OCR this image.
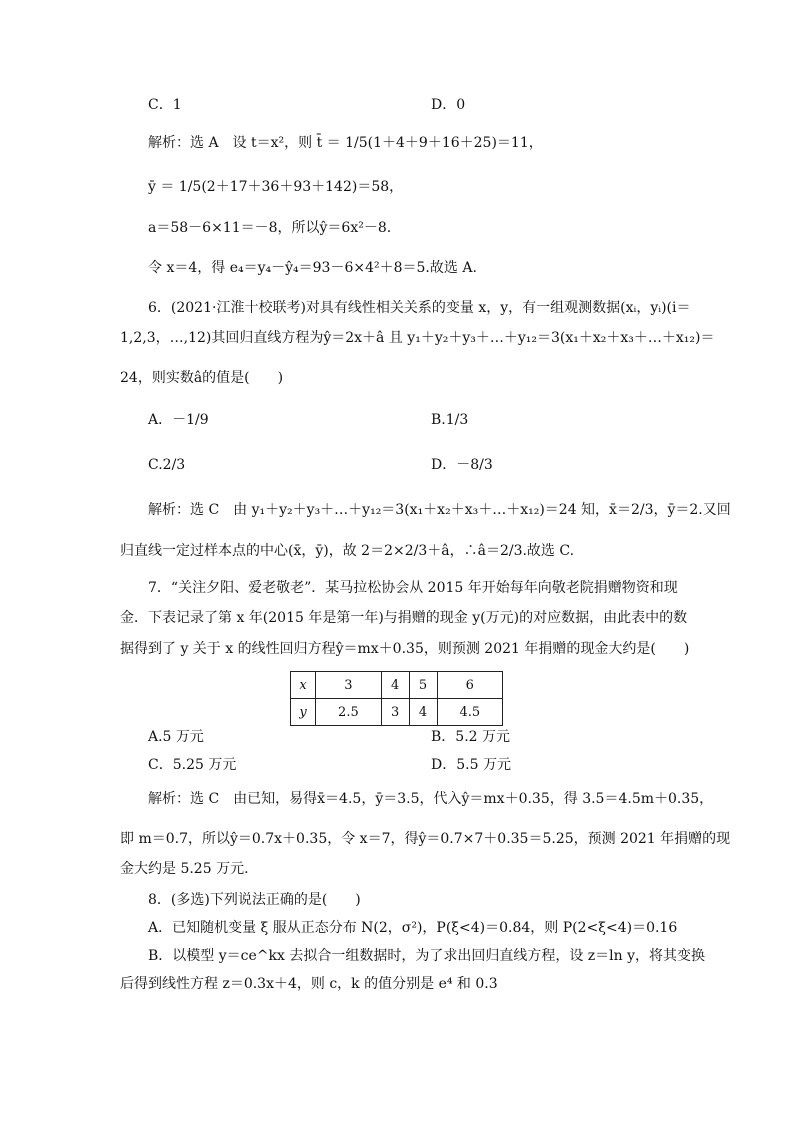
C．1	D．0
解析：选 A　设 t＝x²，则 t̄ ＝ 1/5(1＋4＋9＋16＋25)＝11，
ȳ ＝ 1/5(2＋17＋36＋93＋142)＝58，
a＝58－6×11＝－8，所以ŷ＝6x²－8.
令 x＝4，得 e₄＝y₄－ŷ₄＝93－6×4²＋8＝5.故选 A.
6．(2021·江淮十校联考)对具有线性相关关系的变量 x，y，有一组观测数据(xᵢ，yᵢ)(i＝
1,2,3，…,12)其回归直线方程为ŷ＝2x＋â 且 y₁＋y₂＋y₃＋…＋y₁₂＝3(x₁＋x₂＋x₃＋…＋x₁₂)＝
24，则实数â的值是(　　)
A．－1/9	B.1/3
C.2/3	D．－8/3
解析：选 C　由 y₁＋y₂＋y₃＋…＋y₁₂＝3(x₁＋x₂＋x₃＋…＋x₁₂)＝24 知，x̄＝2/3，ȳ＝2.又回
归直线一定过样本点的中心(x̄，ȳ)，故 2＝2×2/3＋â，∴â＝2/3.故选 C.
7．“关注夕阳、爱老敬老”．某马拉松协会从 2015 年开始每年向敬老院捐赠物资和现
金．下表记录了第 x 年(2015 年是第一年)与捐赠的现金 y(万元)的对应数据，由此表中的数
据得到了 y 关于 x 的线性回归方程ŷ＝mx＋0.35，则预测 2021 年捐赠的现金大约是(　　)
x	3	4	5	6
y	2.5	3	4	4.5
A.5 万元	B．5.2 万元
C．5.25 万元	D．5.5 万元
解析：选 C　由已知，易得x̄＝4.5，ȳ＝3.5，代入ŷ＝mx＋0.35，得 3.5＝4.5m＋0.35，
即 m＝0.7，所以ŷ＝0.7x＋0.35，令 x＝7，得ŷ＝0.7×7＋0.35＝5.25，预测 2021 年捐赠的现
金大约是 5.25 万元.
8．(多选)下列说法正确的是(　　)
A．已知随机变量 ξ 服从正态分布 N(2，σ²)，P(ξ<4)＝0.84，则 P(2<ξ<4)＝0.16
B．以模型 y＝ce^kx 去拟合一组数据时，为了求出回归直线方程，设 z＝ln y，将其变换
后得到线性方程 z＝0.3x＋4，则 c，k 的值分别是 e⁴ 和 0.3
